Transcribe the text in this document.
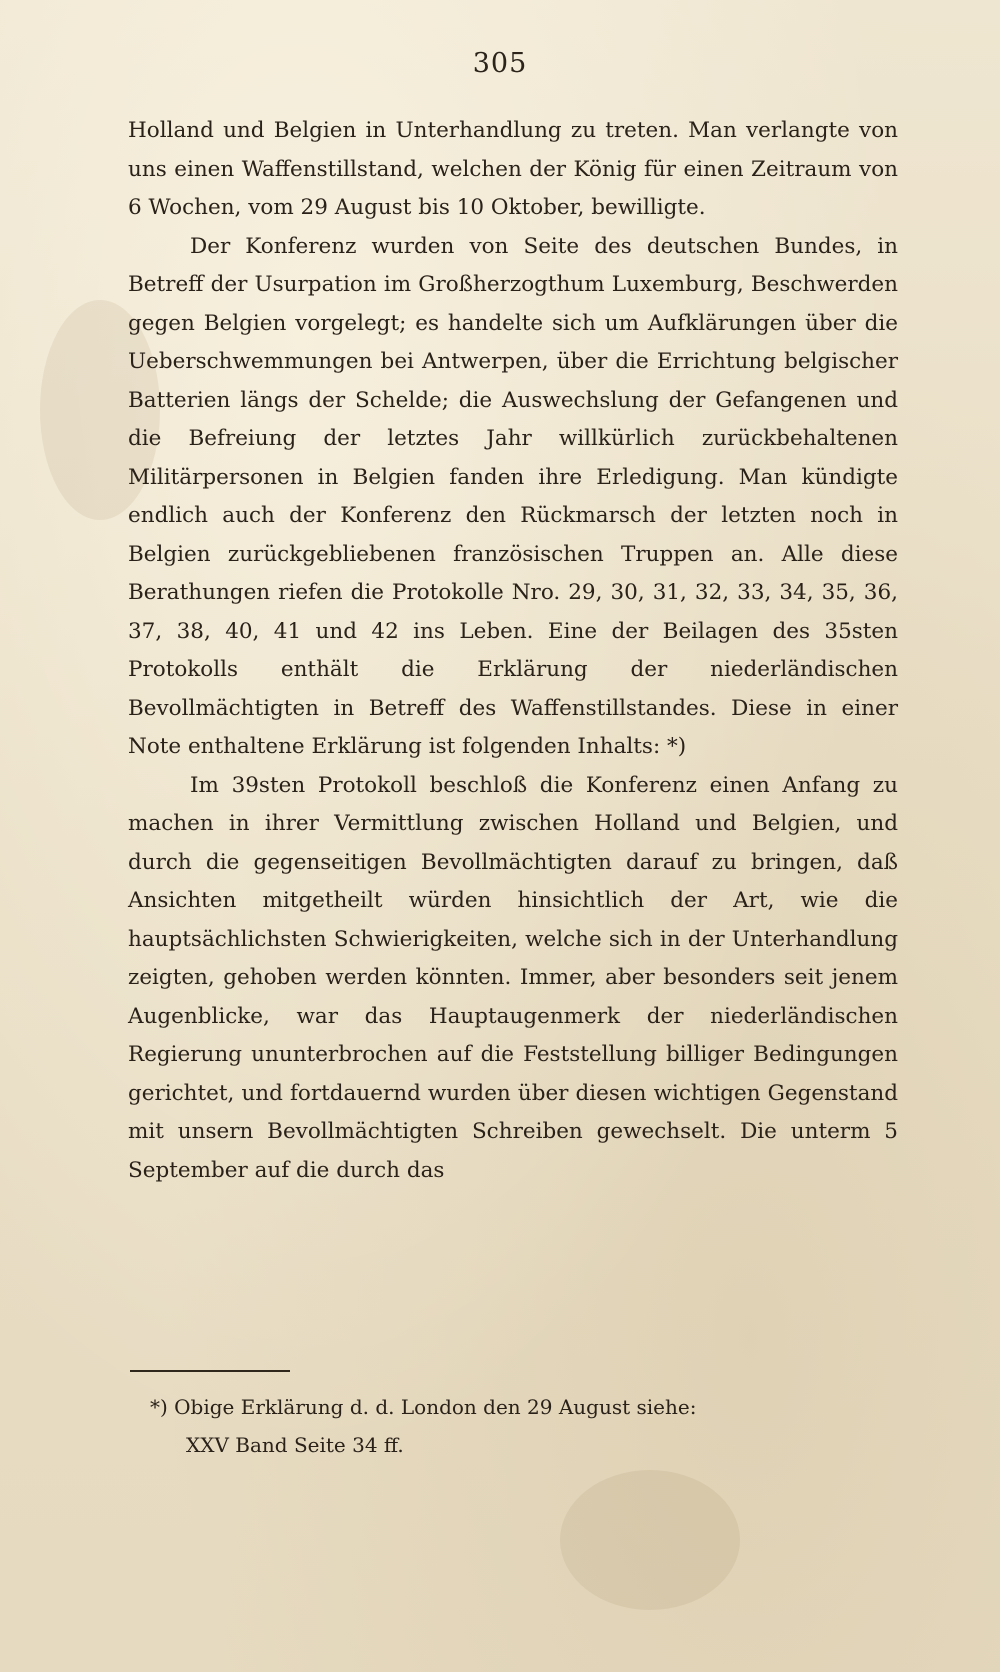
305

Holland und Belgien in Unterhandlung zu treten. Man verlangte von uns einen Waffenstillstand, welchen der König für einen Zeitraum von 6 Wochen, vom 29 August bis 10 Oktober, bewilligte.

Der Konferenz wurden von Seite des deutschen Bundes, in Betreff der Usurpation im Großherzogthum Luxemburg, Beschwerden gegen Belgien vorgelegt; es handelte sich um Aufklärungen über die Ueberschwemmungen bei Antwerpen, über die Errichtung belgischer Batterien längs der Schelde; die Auswechslung der Gefangenen und die Befreiung der letztes Jahr willkürlich zurückbehaltenen Militärpersonen in Belgien fanden ihre Erledigung. Man kündigte endlich auch der Konferenz den Rückmarsch der letzten noch in Belgien zurückgebliebenen französischen Truppen an. Alle diese Berathungen riefen die Protokolle Nro. 29, 30, 31, 32, 33, 34, 35, 36, 37, 38, 40, 41 und 42 ins Leben. Eine der Beilagen des 35sten Protokolls enthält die Erklärung der niederländischen Bevollmächtigten in Betreff des Waffenstillstandes. Diese in einer Note enthaltene Erklärung ist folgenden Inhalts: *)

Im 39sten Protokoll beschloß die Konferenz einen Anfang zu machen in ihrer Vermittlung zwischen Holland und Belgien, und durch die gegenseitigen Bevollmächtigten darauf zu bringen, daß Ansichten mitgetheilt würden hinsichtlich der Art, wie die hauptsächlichsten Schwierigkeiten, welche sich in der Unterhandlung zeigten, gehoben werden könnten. Immer, aber besonders seit jenem Augenblicke, war das Hauptaugenmerk der niederländischen Regierung ununterbrochen auf die Feststellung billiger Bedingungen gerichtet, und fortdauernd wurden über diesen wichtigen Gegenstand mit unsern Bevollmächtigten Schreiben gewechselt. Die unterm 5 September auf die durch das

*) Obige Erklärung d. d. London den 29 August siehe:

XXV Band Seite 34 ff.
